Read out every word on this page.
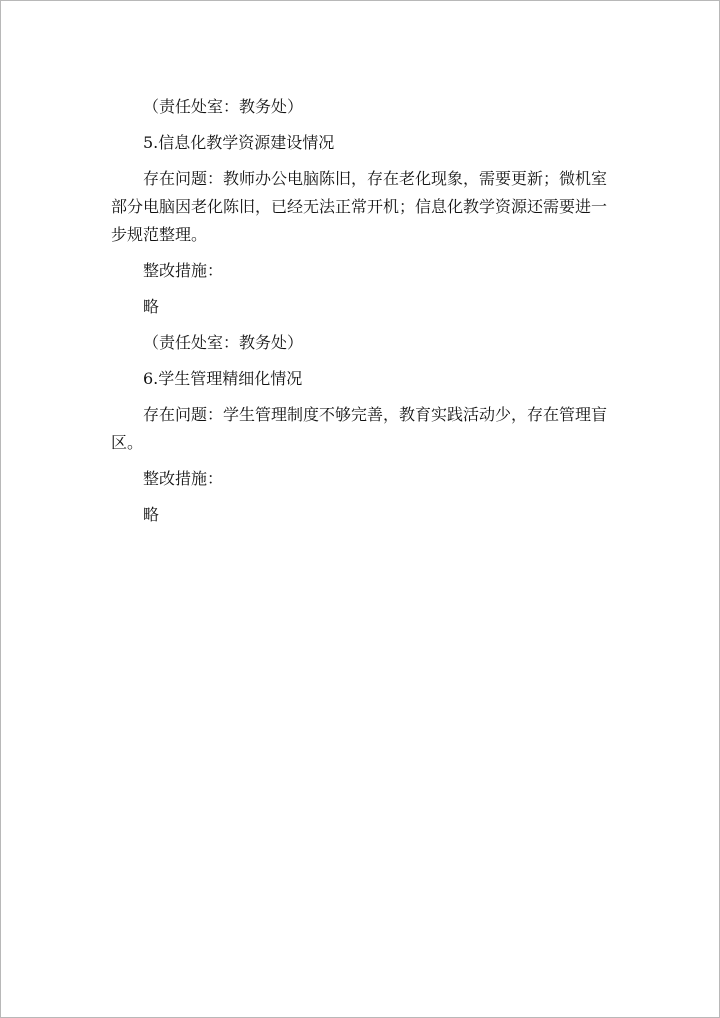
（责任处室：教务处）

5.信息化教学资源建设情况

存在问题：教师办公电脑陈旧，存在老化现象，需要更新；微机室部分电脑因老化陈旧，已经无法正常开机；信息化教学资源还需要进一步规范整理。

整改措施：

略

（责任处室：教务处）

6.学生管理精细化情况

存在问题：学生管理制度不够完善，教育实践活动少，存在管理盲区。

整改措施：

略
